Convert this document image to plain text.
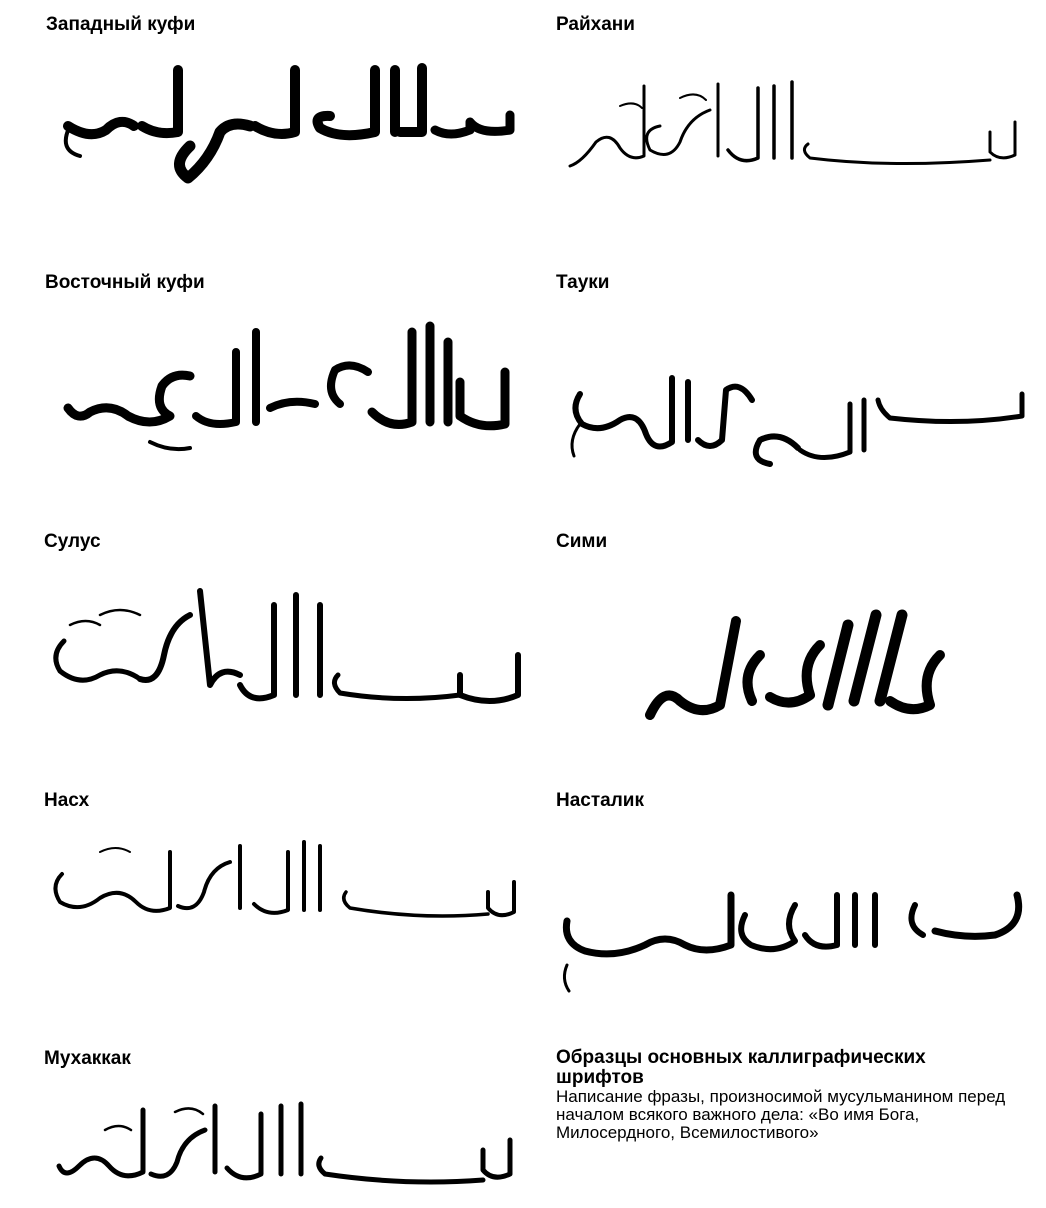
Западный куфи	Райхани
Восточный куфи	Тауки
Сулус	Сими
Насх	Насталик
Мухаккак	Образцы основных каллиграфических шрифтов
Написание фразы, произносимой мусульманином перед началом всякого важного дела: «Во имя Бога, Милосердного, Всемилостивого»
